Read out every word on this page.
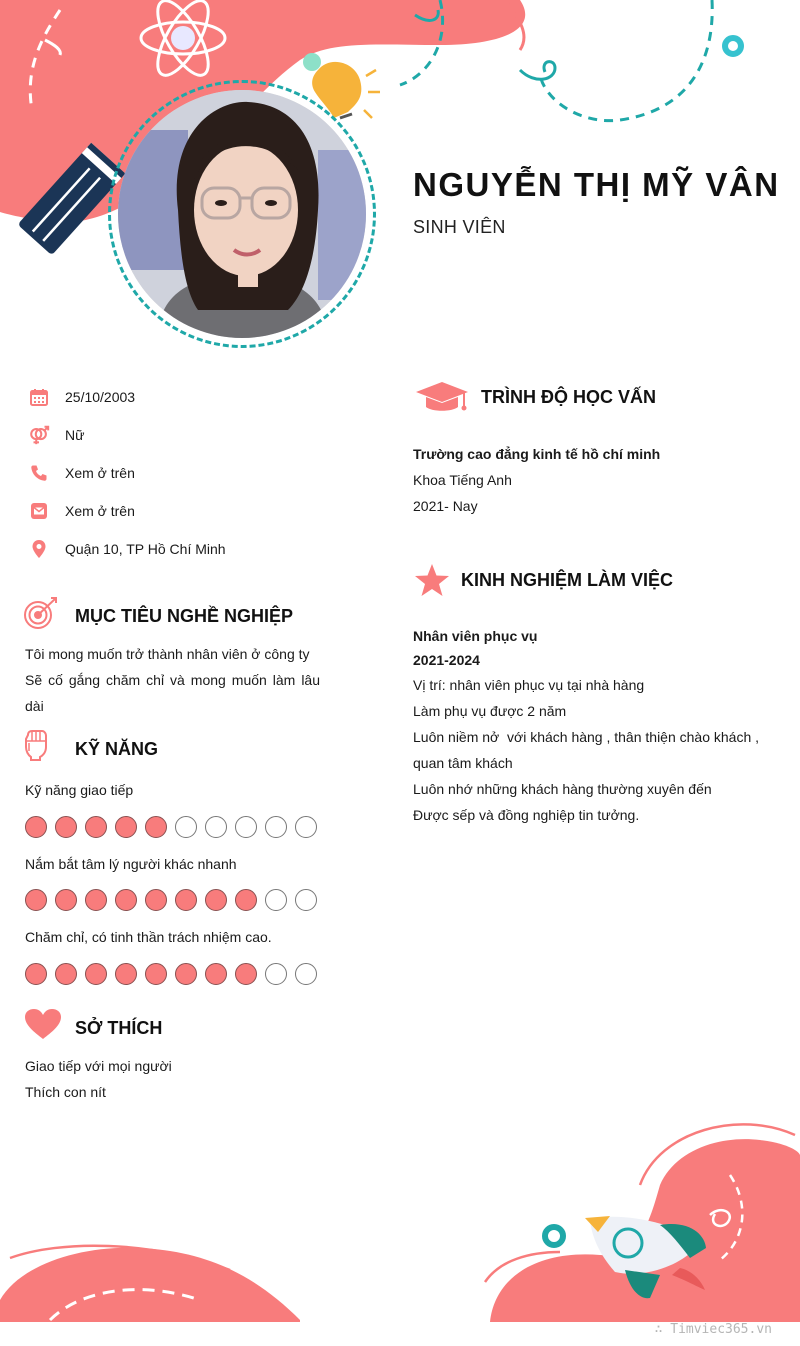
NGUYỄN THỊ MỸ VÂN
SINH VIÊN
25/10/2003
Nữ
Xem ở trên
Xem ở trên
Quận 10, TP Hồ Chí Minh
MỤC TIÊU NGHỀ NGHIỆP

Tôi mong muốn trở thành nhân viên ở công ty

Sẽ cố gắng chăm chỉ và mong muốn làm lâu

dài

KỸ NĂNG
Kỹ năng giao tiếp
Nắm bắt tâm lý người khác nhanh
Chăm chỉ, có tinh thần trách nhiệm cao.
SỞ THÍCH

Giao tiếp với mọi người

Thích con nít

TRÌNH ĐỘ HỌC VẤN

Trường cao đẳng kinh tế hồ chí minh

Khoa Tiếng Anh

2021- Nay

KINH NGHIỆM LÀM VIỆC

Nhân viên phục vụ

2021-2024

Vị trí: nhân viên phục vụ tại nhà hàng

Làm phụ vụ được 2 năm

Luôn niềm nở  với khách hàng , thân thiện chào khách ,

quan tâm khách

Luôn nhớ những khách hàng thường xuyên đến

Được sếp và đồng nghiệp tin tưởng.

∴ Timviec365.vn
